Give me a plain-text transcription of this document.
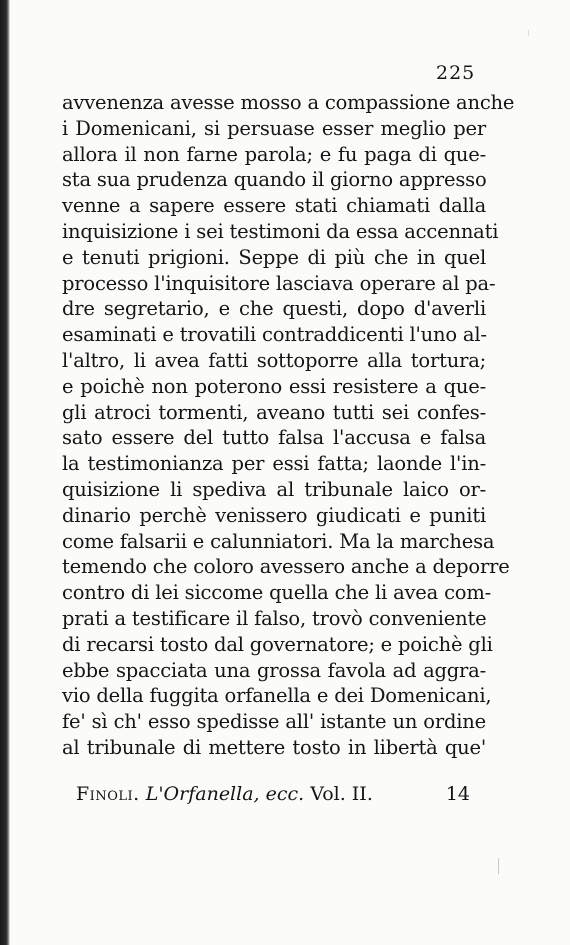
225
avvenenza avesse mosso a compassione anche
i Domenicani, si persuase esser meglio per
allora il non farne parola; e fu paga di que-
sta sua prudenza quando il giorno appresso
venne a sapere essere stati chiamati dalla
inquisizione i sei testimoni da essa accennati
e tenuti prigioni. Seppe di più che in quel
processo l'inquisitore lasciava operare al pa-
dre segretario, e che questi, dopo d'averli
esaminati e trovatili contraddicenti l'uno al-
l'altro, li avea fatti sottoporre alla tortura;
e poichè non poterono essi resistere a que-
gli atroci tormenti, aveano tutti sei confes-
sato essere del tutto falsa l'accusa e falsa
la testimonianza per essi fatta; laonde l'in-
quisizione li spediva al tribunale laico or-
dinario perchè venissero giudicati e puniti
come falsarii e calunniatori. Ma la marchesa
temendo che coloro avessero anche a deporre
contro di lei siccome quella che li avea com-
prati a testificare il falso, trovò conveniente
di recarsi tosto dal governatore; e poichè gli
ebbe spacciata una grossa favola ad aggra-
vio della fuggita orfanella e dei Domenicani,
fe' sì ch' esso spedisse all' istante un ordine
al tribunale di mettere tosto in libertà que'
Finoli. L'Orfanella, ecc. Vol. II.	14
